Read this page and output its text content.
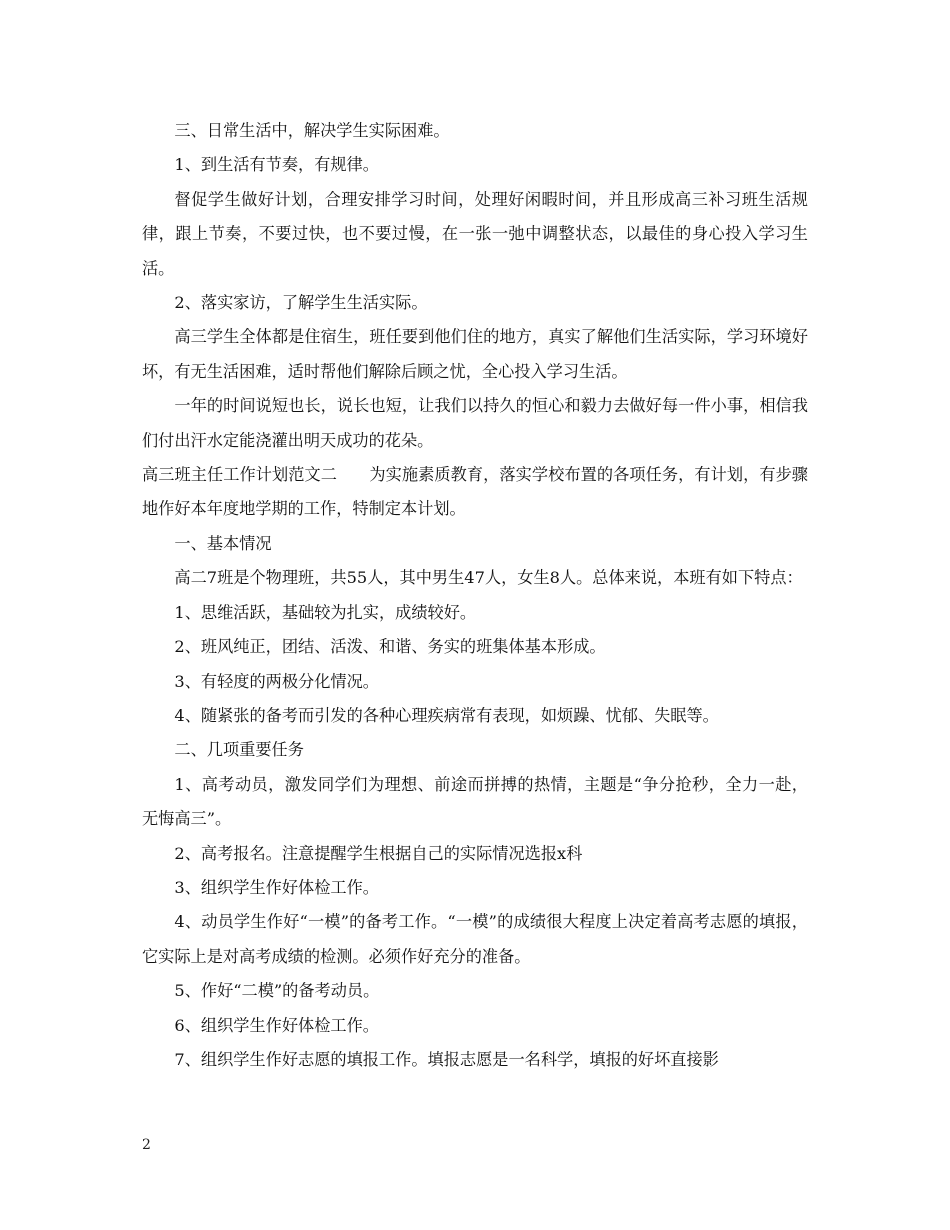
三、日常生活中，解决学生实际困难。

1、到生活有节奏，有规律。

督促学生做好计划，合理安排学习时间，处理好闲暇时间，并且形成高三补习班生活规律，跟上节奏，不要过快，也不要过慢，在一张一弛中调整状态，以最佳的身心投入学习生活。

2、落实家访，了解学生生活实际。

高三学生全体都是住宿生，班任要到他们住的地方，真实了解他们生活实际，学习环境好坏，有无生活困难，适时帮他们解除后顾之忧，全心投入学习生活。

一年的时间说短也长，说长也短，让我们以持久的恒心和毅力去做好每一件小事，相信我们付出汗水定能浇灌出明天成功的花朵。

高三班主任工作计划范文二　　为实施素质教育，落实学校布置的各项任务，有计划，有步骤地作好本年度地学期的工作，特制定本计划。

一、基本情况

高二7班是个物理班，共55人，其中男生47人，女生8人。总体来说，本班有如下特点：

1、思维活跃，基础较为扎实，成绩较好。

2、班风纯正，团结、活泼、和谐、务实的班集体基本形成。

3、有轻度的两极分化情况。

4、随紧张的备考而引发的各种心理疾病常有表现，如烦躁、忧郁、失眠等。

二、几项重要任务

1、高考动员，激发同学们为理想、前途而拼搏的热情，主题是“争分抢秒，全力一赴，无悔高三”。

2、高考报名。注意提醒学生根据自己的实际情况选报x科

3、组织学生作好体检工作。

4、动员学生作好“一模”的备考工作。“一模”的成绩很大程度上决定着高考志愿的填报，它实际上是对高考成绩的检测。必须作好充分的准备。

5、作好“二模”的备考动员。

6、组织学生作好体检工作。

7、组织学生作好志愿的填报工作。填报志愿是一名科学，填报的好坏直接影

2
